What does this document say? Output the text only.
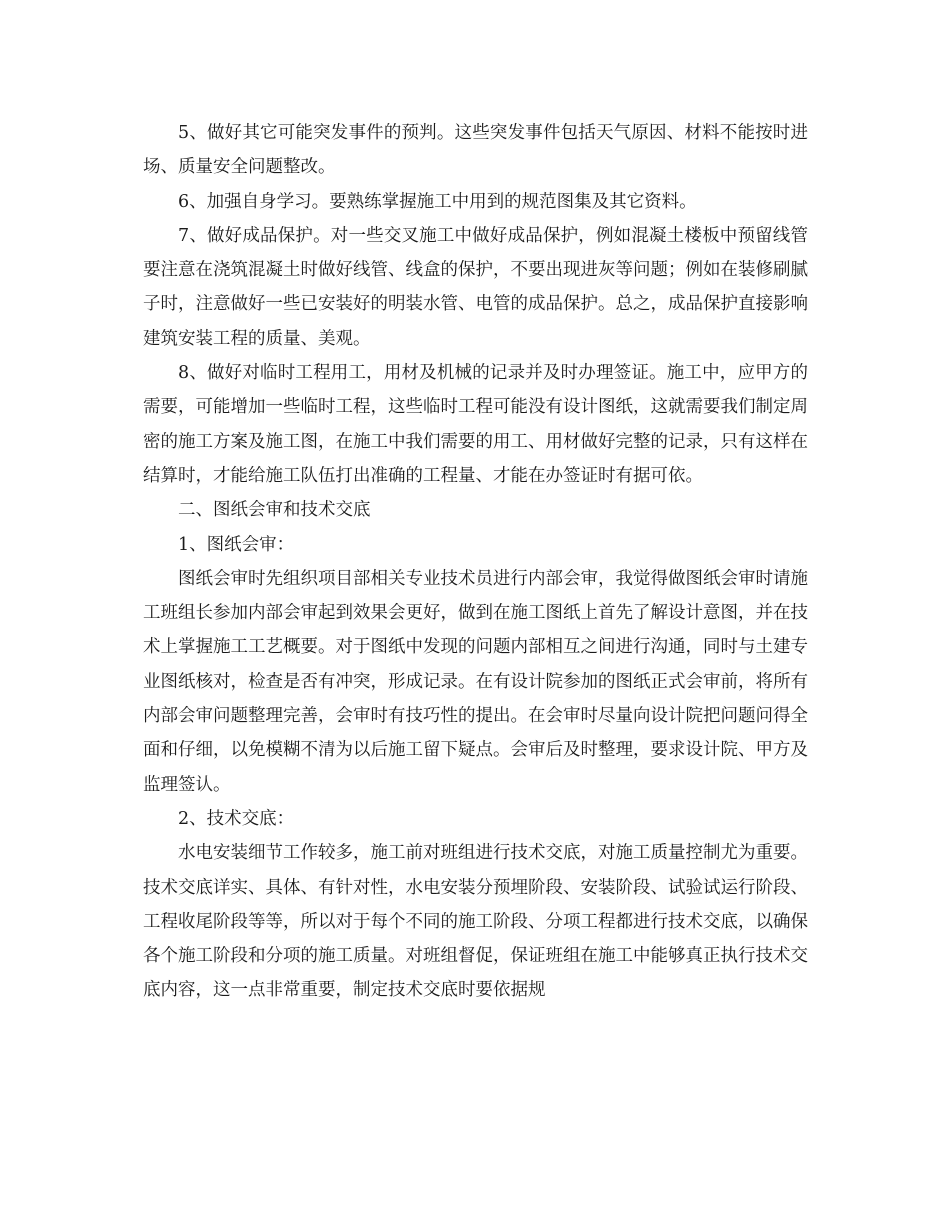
5、做好其它可能突发事件的预判。这些突发事件包括天气原因、材料不能按时进场、质量安全问题整改。

6、加强自身学习。要熟练掌握施工中用到的规范图集及其它资料。

7、做好成品保护。对一些交叉施工中做好成品保护，例如混凝土楼板中预留线管要注意在浇筑混凝土时做好线管、线盒的保护，不要出现进灰等问题；例如在装修刷腻子时，注意做好一些已安装好的明装水管、电管的成品保护。总之，成品保护直接影响建筑安装工程的质量、美观。

8、做好对临时工程用工，用材及机械的记录并及时办理签证。施工中，应甲方的需要，可能增加一些临时工程，这些临时工程可能没有设计图纸，这就需要我们制定周密的施工方案及施工图，在施工中我们需要的用工、用材做好完整的记录，只有这样在结算时，才能给施工队伍打出准确的工程量、才能在办签证时有据可依。

二、图纸会审和技术交底

1、图纸会审：

图纸会审时先组织项目部相关专业技术员进行内部会审，我觉得做图纸会审时请施工班组长参加内部会审起到效果会更好，做到在施工图纸上首先了解设计意图，并在技术上掌握施工工艺概要。对于图纸中发现的问题内部相互之间进行沟通，同时与土建专业图纸核对，检查是否有冲突，形成记录。在有设计院参加的图纸正式会审前，将所有内部会审问题整理完善，会审时有技巧性的提出。在会审时尽量向设计院把问题问得全面和仔细，以免模糊不清为以后施工留下疑点。会审后及时整理，要求设计院、甲方及监理签认。

2、技术交底：

水电安装细节工作较多，施工前对班组进行技术交底，对施工质量控制尤为重要。技术交底详实、具体、有针对性，水电安装分预埋阶段、安装阶段、试验试运行阶段、工程收尾阶段等等，所以对于每个不同的施工阶段、分项工程都进行技术交底，以确保各个施工阶段和分项的施工质量。对班组督促，保证班组在施工中能够真正执行技术交底内容，这一点非常重要，制定技术交底时要依据规
